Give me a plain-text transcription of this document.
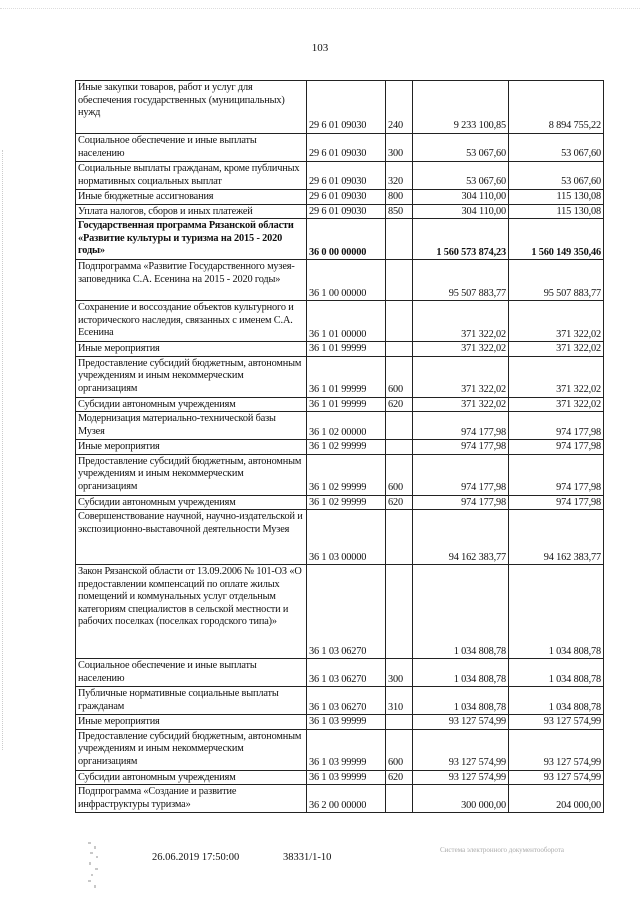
103
Иные закупки товаров, работ и услуг для обеспечения государственных (муниципальных) нужд	29 6 01 09030	240	9 233 100,85	8 894 755,22
Социальное обеспечение и иные выплаты населению	29 6 01 09030	300	53 067,60	53 067,60
Социальные выплаты гражданам, кроме публичных нормативных социальных выплат	29 6 01 09030	320	53 067,60	53 067,60
Иные бюджетные ассигнования	29 6 01 09030	800	304 110,00	115 130,08
Уплата налогов, сборов и иных платежей	29 6 01 09030	850	304 110,00	115 130,08
Государственная программа Рязанской области «Развитие культуры и туризма на 2015 - 2020 годы»	36 0 00 00000		1 560 573 874,23	1 560 149 350,46
Подпрограмма «Развитие Государственного музея-заповедника С.А. Есенина на 2015 - 2020 годы»	36 1 00 00000		95 507 883,77	95 507 883,77
Сохранение и воссоздание объектов культурного и исторического наследия, связанных с именем С.А. Есенина	36 1 01 00000		371 322,02	371 322,02
Иные мероприятия	36 1 01 99999		371 322,02	371 322,02
Предоставление субсидий бюджетным, автономным учреждениям и иным некоммерческим организациям	36 1 01 99999	600	371 322,02	371 322,02
Субсидии автономным учреждениям	36 1 01 99999	620	371 322,02	371 322,02
Модернизация материально-технической базы Музея	36 1 02 00000		974 177,98	974 177,98
Иные мероприятия	36 1 02 99999		974 177,98	974 177,98
Предоставление субсидий бюджетным, автономным учреждениям и иным некоммерческим организациям	36 1 02 99999	600	974 177,98	974 177,98
Субсидии автономным учреждениям	36 1 02 99999	620	974 177,98	974 177,98
Совершенствование научной, научно-издательской и экспозиционно-выставочной деятельности Музея	36 1 03 00000		94 162 383,77	94 162 383,77
Закон Рязанской области от 13.09.2006 № 101-ОЗ «О предоставлении компенсаций по оплате жилых помещений и коммунальных услуг отдельным категориям специалистов в сельской местности и рабочих поселках (поселках городского типа)»	36 1 03 06270		1 034 808,78	1 034 808,78
Социальное обеспечение и иные выплаты населению	36 1 03 06270	300	1 034 808,78	1 034 808,78
Публичные нормативные социальные выплаты гражданам	36 1 03 06270	310	1 034 808,78	1 034 808,78
Иные мероприятия	36 1 03 99999		93 127 574,99	93 127 574,99
Предоставление субсидий бюджетным, автономным учреждениям и иным некоммерческим организациям	36 1 03 99999	600	93 127 574,99	93 127 574,99
Субсидии автономным учреждениям	36 1 03 99999	620	93 127 574,99	93 127 574,99
Подпрограмма «Создание и развитие инфраструктуры туризма»	36 2 00 00000		300 000,00	204 000,00
26.06.2019 17:50:00	38331/1-10
Система электронного документооборота
